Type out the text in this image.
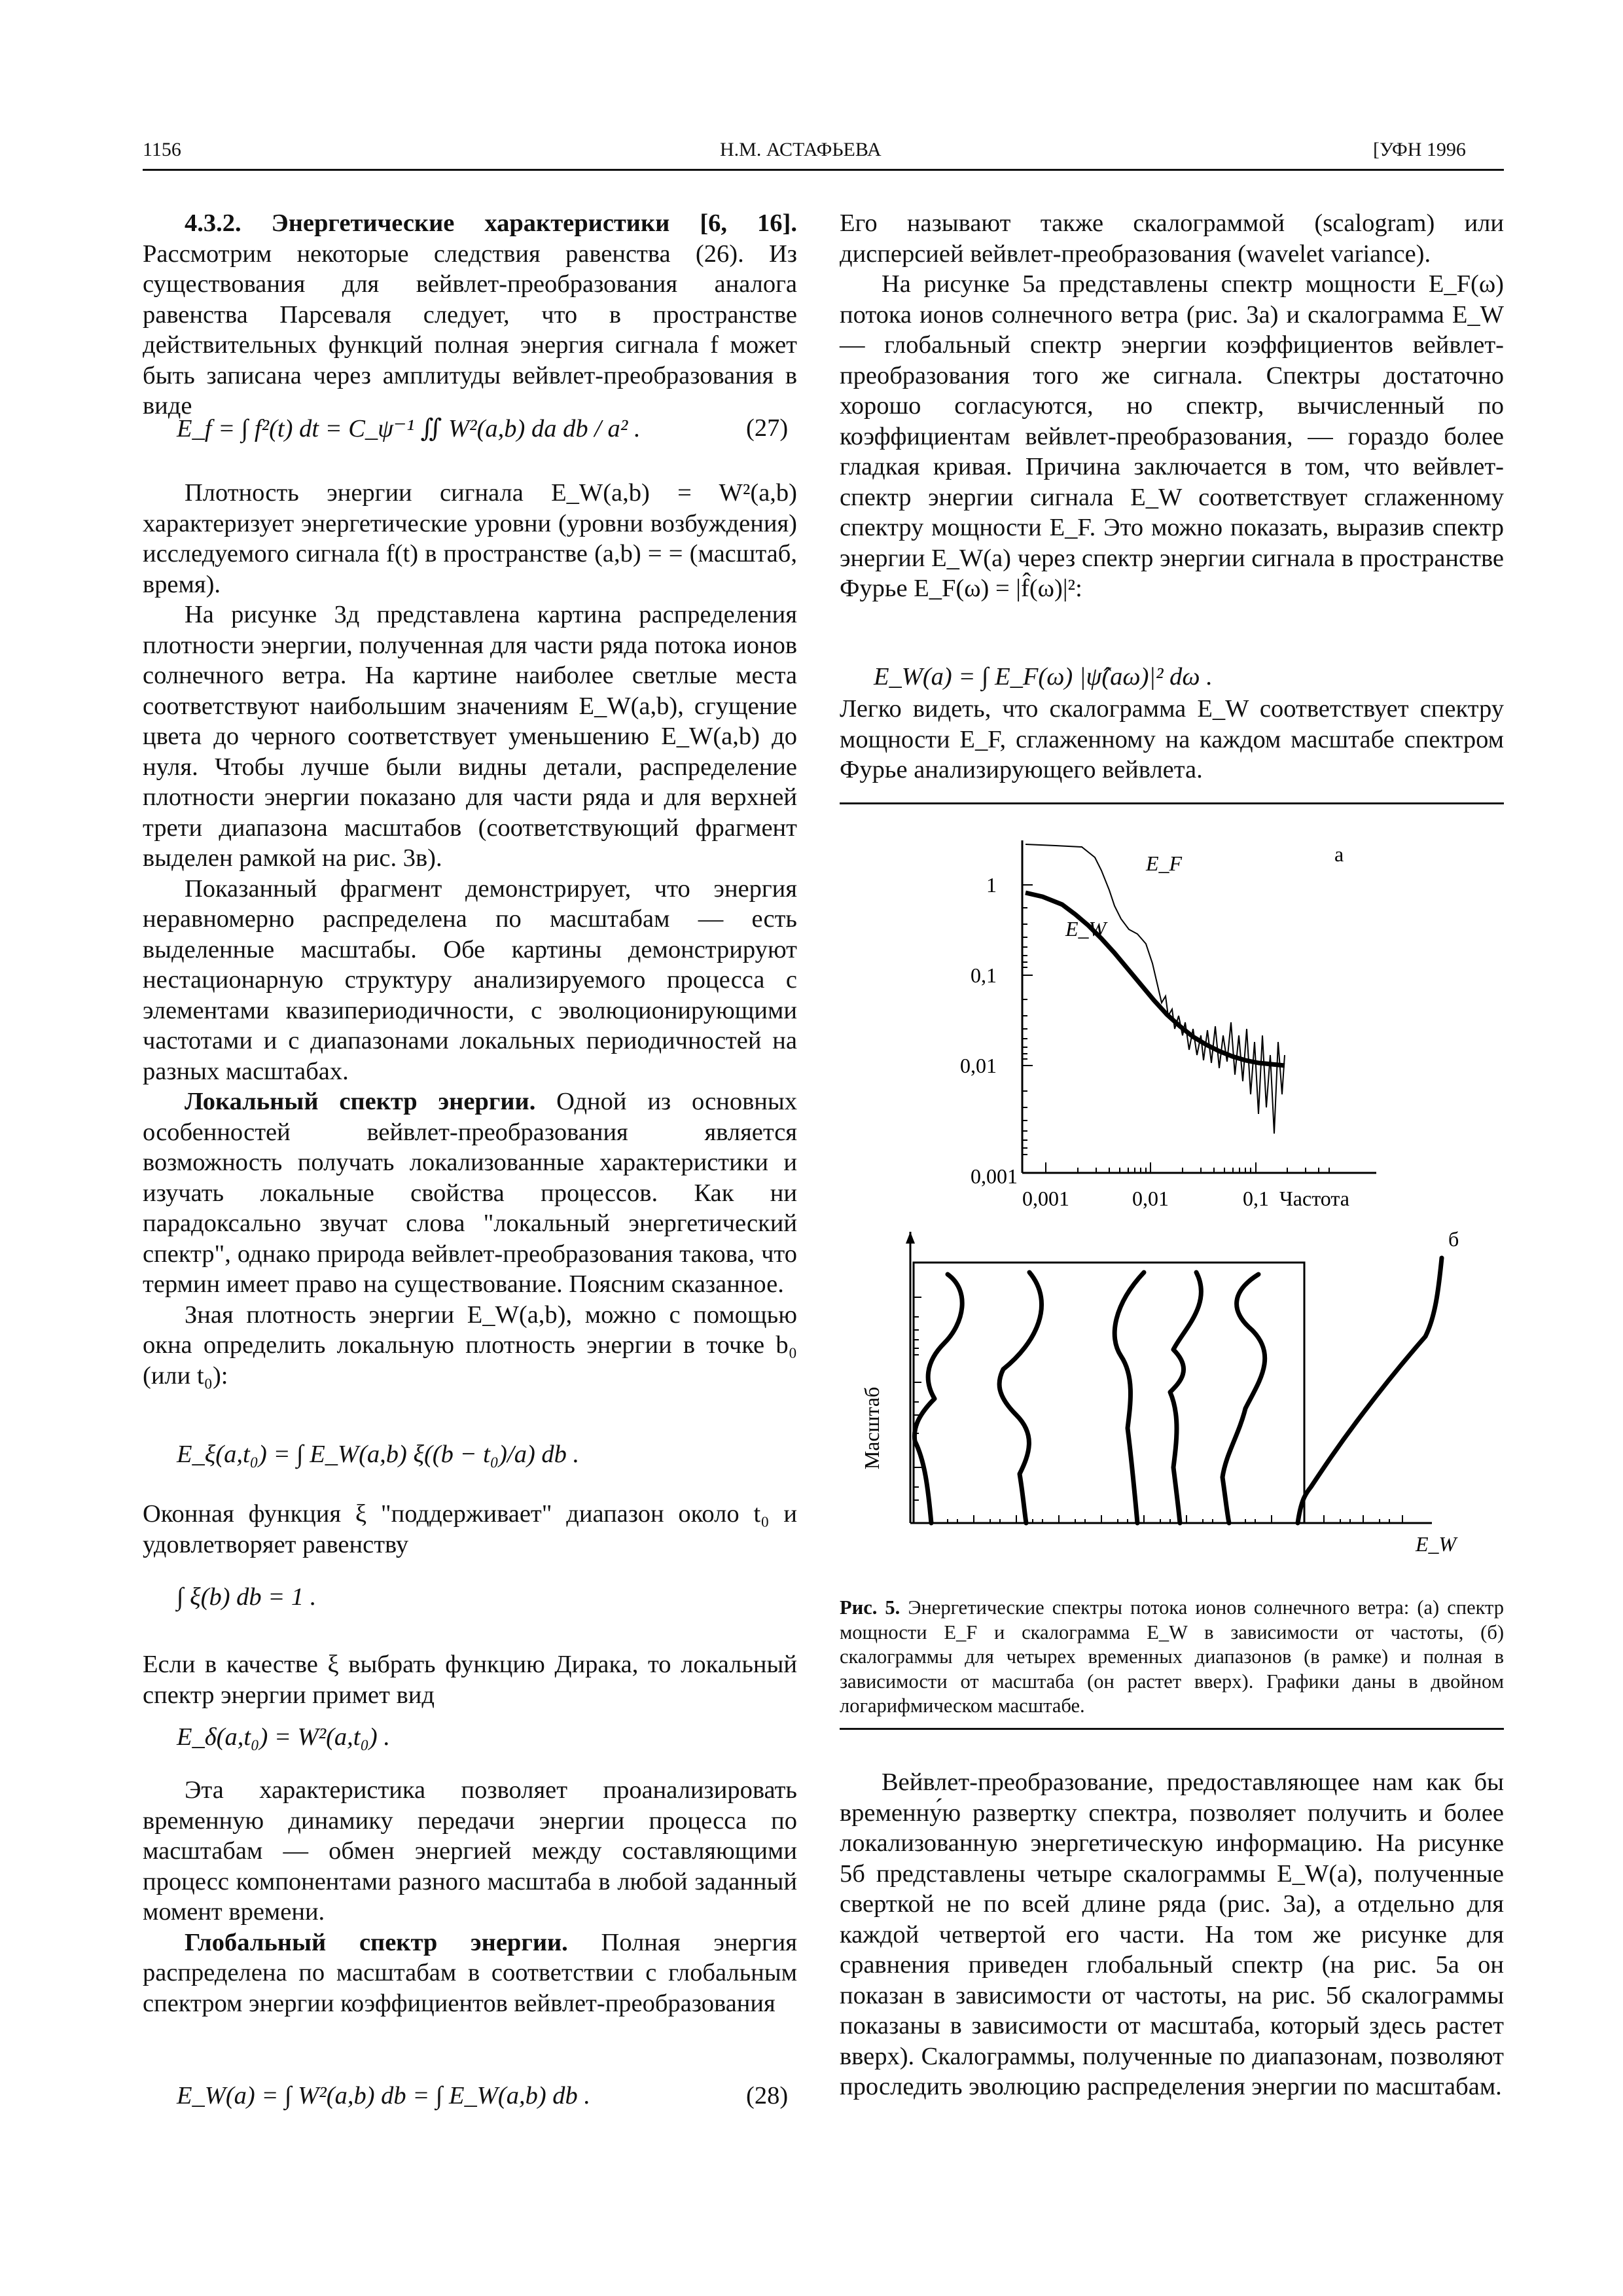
1156	Н.М. АСТАФЬЕВА	[УФН 1996

4.3.2. Энергетические характеристики [6, 16]. Рассмотрим некоторые следствия равенства (26). Из существования для вейвлет-преобразования аналога равенства Парсеваля следует, что в пространстве действительных функций полная энергия сигнала f может быть записана через амплитуды вейвлет-преобразования в виде

E_f = ∫ f²(t) dt = C_ψ⁻¹ ∬ W²(a,b) da db / a² .	(27)

Плотность энергии сигнала E_W(a,b) = W²(a,b) характеризует энергетические уровни (уровни возбуждения) исследуемого сигнала f(t) в пространстве (a,b) = = (масштаб, время).

На рисунке 3д представлена картина распределения плотности энергии, полученная для части ряда потока ионов солнечного ветра. На картине наиболее светлые места соответствуют наибольшим значениям E_W(a,b), сгущение цвета до черного соответствует уменьшению E_W(a,b) до нуля. Чтобы лучше были видны детали, распределение плотности энергии показано для части ряда и для верхней трети диапазона масштабов (соответствующий фрагмент выделен рамкой на рис. 3в).

Показанный фрагмент демонстрирует, что энергия неравномерно распределена по масштабам — есть выделенные масштабы. Обе картины демонстрируют нестационарную структуру анализируемого процесса с элементами квазипериодичности, с эволюционирующими частотами и с диапазонами локальных периодичностей на разных масштабах.

Локальный спектр энергии. Одной из основных особенностей вейвлет-преобразования является возможность получать локализованные характеристики и изучать локальные свойства процессов. Как ни парадоксально звучат слова "локальный энергетический спектр", однако природа вейвлет-преобразования такова, что термин имеет право на существование. Поясним сказанное.

Зная плотность энергии E_W(a,b), можно с помощью окна определить локальную плотность энергии в точке b₀ (или t₀):

E_ξ(a,t₀) = ∫ E_W(a,b) ξ((b − t₀)/a) db .

Оконная функция ξ "поддерживает" диапазон около t₀ и удовлетворяет равенству

∫ ξ(b) db = 1 .

Если в качестве ξ выбрать функцию Дирака, то локальный спектр энергии примет вид

E_δ(a,t₀) = W²(a,t₀) .

Эта характеристика позволяет проанализировать временную динамику передачи энергии процесса по масштабам — обмен энергией между составляющими процесс компонентами разного масштаба в любой заданный момент времени.

Глобальный спектр энергии. Полная энергия распределена по масштабам в соответствии с глобальным спектром энергии коэффициентов вейвлет-преобразования

E_W(a) = ∫ W²(a,b) db = ∫ E_W(a,b) db .	(28)

Его называют также скалограммой (scalogram) или дисперсией вейвлет-преобразования (wavelet variance).

На рисунке 5а представлены спектр мощности E_F(ω) потока ионов солнечного ветра (рис. 3а) и скалограмма E_W — глобальный спектр энергии коэффициентов вейвлет-преобразования того же сигнала. Спектры достаточно хорошо согласуются, но спектр, вычисленный по коэффициентам вейвлет-преобразования, — гораздо более гладкая кривая. Причина заключается в том, что вейвлет-спектр энергии сигнала E_W соответствует сглаженному спектру мощности E_F. Это можно показать, выразив спектр энергии E_W(a) через спектр энергии сигнала в пространстве Фурье E_F(ω) = |f̂(ω)|²:

E_W(a) = ∫ E_F(ω) |ψ̂(aω)|² dω .

Легко видеть, что скалограмма E_W соответствует спектру мощности E_F, сглаженному на каждом масштабе спектром Фурье анализирующего вейвлета.

а
1
0,1
0,01
0,001
0,001	0,01	0,1 Частота
E_F
E_W
б
Масштаб
E_W
Рис. 5. Энергетические спектры потока ионов солнечного ветра: (а) спектр мощности E_F и скалограмма E_W в зависимости от частоты, (б) скалограммы для четырех временных диапазонов (в рамке) и полная в зависимости от масштаба (он растет вверх). Графики даны в двойном логарифмическом масштабе.

Вейвлет-преобразование, предоставляющее нам как бы временну́ю развертку спектра, позволяет получить и более локализованную энергетическую информацию. На рисунке 5б представлены четыре скалограммы E_W(a), полученные сверткой не по всей длине ряда (рис. 3а), а отдельно для каждой четвертой его части. На том же рисунке для сравнения приведен глобальный спектр (на рис. 5а он показан в зависимости от частоты, на рис. 5б скалограммы показаны в зависимости от масштаба, который здесь растет вверх). Скалограммы, полученные по диапазонам, позволяют проследить эволюцию распределения энергии по масштабам.
